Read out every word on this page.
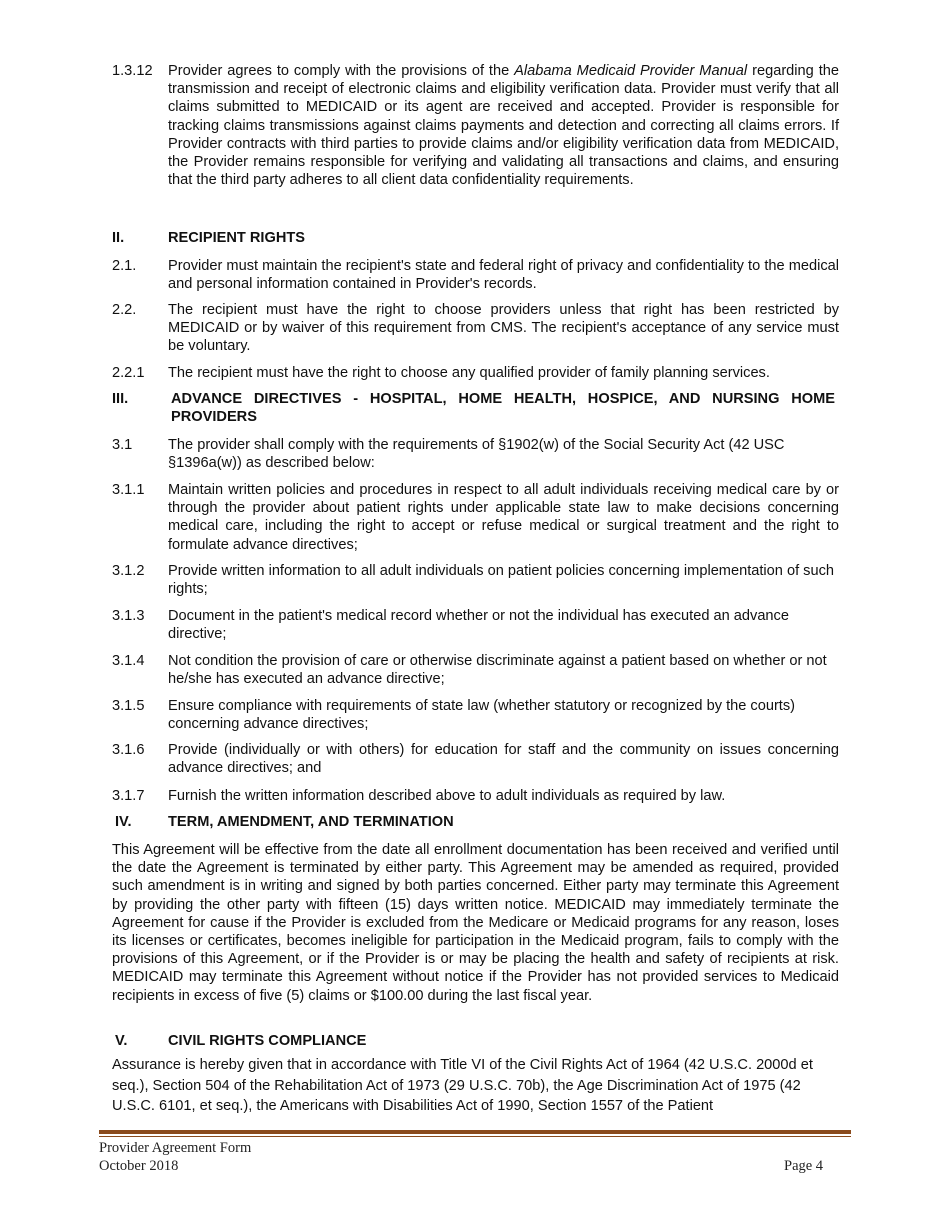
1.3.12 Provider agrees to comply with the provisions of the Alabama Medicaid Provider Manual regarding the transmission and receipt of electronic claims and eligibility verification data. Provider must verify that all claims submitted to MEDICAID or its agent are received and accepted. Provider is responsible for tracking claims transmissions against claims payments and detection and correcting all claims errors. If Provider contracts with third parties to provide claims and/or eligibility verification data from MEDICAID, the Provider remains responsible for verifying and validating all transactions and claims, and ensuring that the third party adheres to all client data confidentiality requirements.
II.	RECIPIENT RIGHTS
2.1. Provider must maintain the recipient's state and federal right of privacy and confidentiality to the medical and personal information contained in Provider's records.
2.2. The recipient must have the right to choose providers unless that right has been restricted by MEDICAID or by waiver of this requirement from CMS. The recipient's acceptance of any service must be voluntary.
2.2.1 The recipient must have the right to choose any qualified provider of family planning services.
III.	ADVANCE DIRECTIVES - HOSPITAL, HOME HEALTH, HOSPICE, AND NURSING HOME PROVIDERS
3.1 The provider shall comply with the requirements of §1902(w) of the Social Security Act (42 USC §1396a(w)) as described below:
3.1.1 Maintain written policies and procedures in respect to all adult individuals receiving medical care by or through the provider about patient rights under applicable state law to make decisions concerning medical care, including the right to accept or refuse medical or surgical treatment and the right to formulate advance directives;
3.1.2 Provide written information to all adult individuals on patient policies concerning implementation of such rights;
3.1.3 Document in the patient's medical record whether or not the individual has executed an advance directive;
3.1.4 Not condition the provision of care or otherwise discriminate against a patient based on whether or not he/she has executed an advance directive;
3.1.5 Ensure compliance with requirements of state law (whether statutory or recognized by the courts) concerning advance directives;
3.1.6 Provide (individually or with others) for education for staff and the community on issues concerning advance directives; and
3.1.7 Furnish the written information described above to adult individuals as required by law.
IV. TERM, AMENDMENT, AND TERMINATION
This Agreement will be effective from the date all enrollment documentation has been received and verified until the date the Agreement is terminated by either party. This Agreement may be amended as required, provided such amendment is in writing and signed by both parties concerned. Either party may terminate this Agreement by providing the other party with fifteen (15) days written notice. MEDICAID may immediately terminate the Agreement for cause if the Provider is excluded from the Medicare or Medicaid programs for any reason, loses its licenses or certificates, becomes ineligible for participation in the Medicaid program, fails to comply with the provisions of this Agreement, or if the Provider is or may be placing the health and safety of recipients at risk. MEDICAID may terminate this Agreement without notice if the Provider has not provided services to Medicaid recipients in excess of five (5) claims or $100.00 during the last fiscal year.
V.	CIVIL RIGHTS COMPLIANCE
Assurance is hereby given that in accordance with Title VI of the Civil Rights Act of 1964 (42 U.S.C. 2000d et seq.), Section 504 of the Rehabilitation Act of 1973 (29 U.S.C. 70b), the Age Discrimination Act of 1975 (42 U.S.C. 6101, et seq.), the Americans with Disabilities Act of 1990, Section 1557 of the Patient
Provider Agreement Form
October 2018	Page 4
